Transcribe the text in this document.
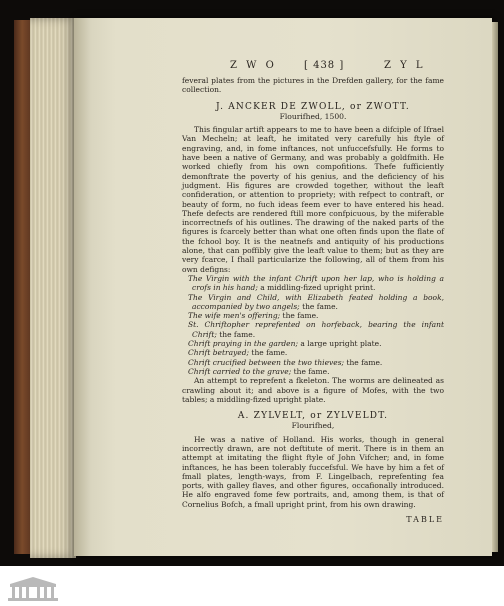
Z W O	[ 438 ]	Z Y L

feveral plates from the pictures in the Drefden gallery, for the fame collection.

J. ANCKER DE ZWOLL, or ZWOTT.
Flourifhed, 1500.

This fingular artift appears to me to have been a difciple of Ifrael Van Mecheln; at leaft, he imitated very carefully his ftyle of engraving, and, in fome inftances, not unfuccefsfully. He forms to have been a native of Germany, and was probably a goldfmith. He worked chiefly from his own compofitions. Thefe fufficiently demonftrate the poverty of his genius, and the deficiency of his judgment. His figures are crowded together, without the leaft confideration, or attention to propriety; with refpect to contraft, or beauty of form, no fuch ideas feem ever to have entered his head. Thefe defects are rendered ftill more confpicuous, by the miferable incorrectnefs of his outlines. The drawing of the naked parts of the figures is fcarcely better than what one often finds upon the flate of the fchool boy. It is the neatnefs and antiquity of his productions alone, that can poffibly give the leaft value to them; but as they are very fcarce, I fhall particularize the following, all of them from his own defigns:

The Virgin with the infant Chrift upon her lap, who is holding a crofs in his hand; a middling-fized upright print.

The Virgin and Child, with Elizabeth feated holding a book, accompanied by two angels; the fame.

The wife men's offering; the fame.

St. Chriftopher reprefented on horfeback, bearing the infant Chrift; the fame.

Chrift praying in the garden; a large upright plate.

Chrift betrayed; the fame.

Chrift crucified between the two thieves; the fame.

Chrift carried to the grave; the fame.

An attempt to reprefent a fkeleton. The worms are delineated as crawling about it; and above is a figure of Mofes, with the two tables; a middling-fized upright plate.

A. ZYLVELT, or ZYLVELDT.
Flourifhed,

He was a native of Holland. His works, though in general incorrectly drawn, are not deftitute of merit. There is in them an attempt at imitating the flight ftyle of John Vifcher; and, in fome inftances, he has been tolerably fuccefsful. We have by him a fet of fmall plates, length-ways, from F. Lingelbach, reprefenting fea ports, with galley flaves, and other figures, occafionally introduced. He alfo engraved fome few portraits, and, among them, is that of Cornelius Bofch, a fmall upright print, from his own drawing.

TABLE
